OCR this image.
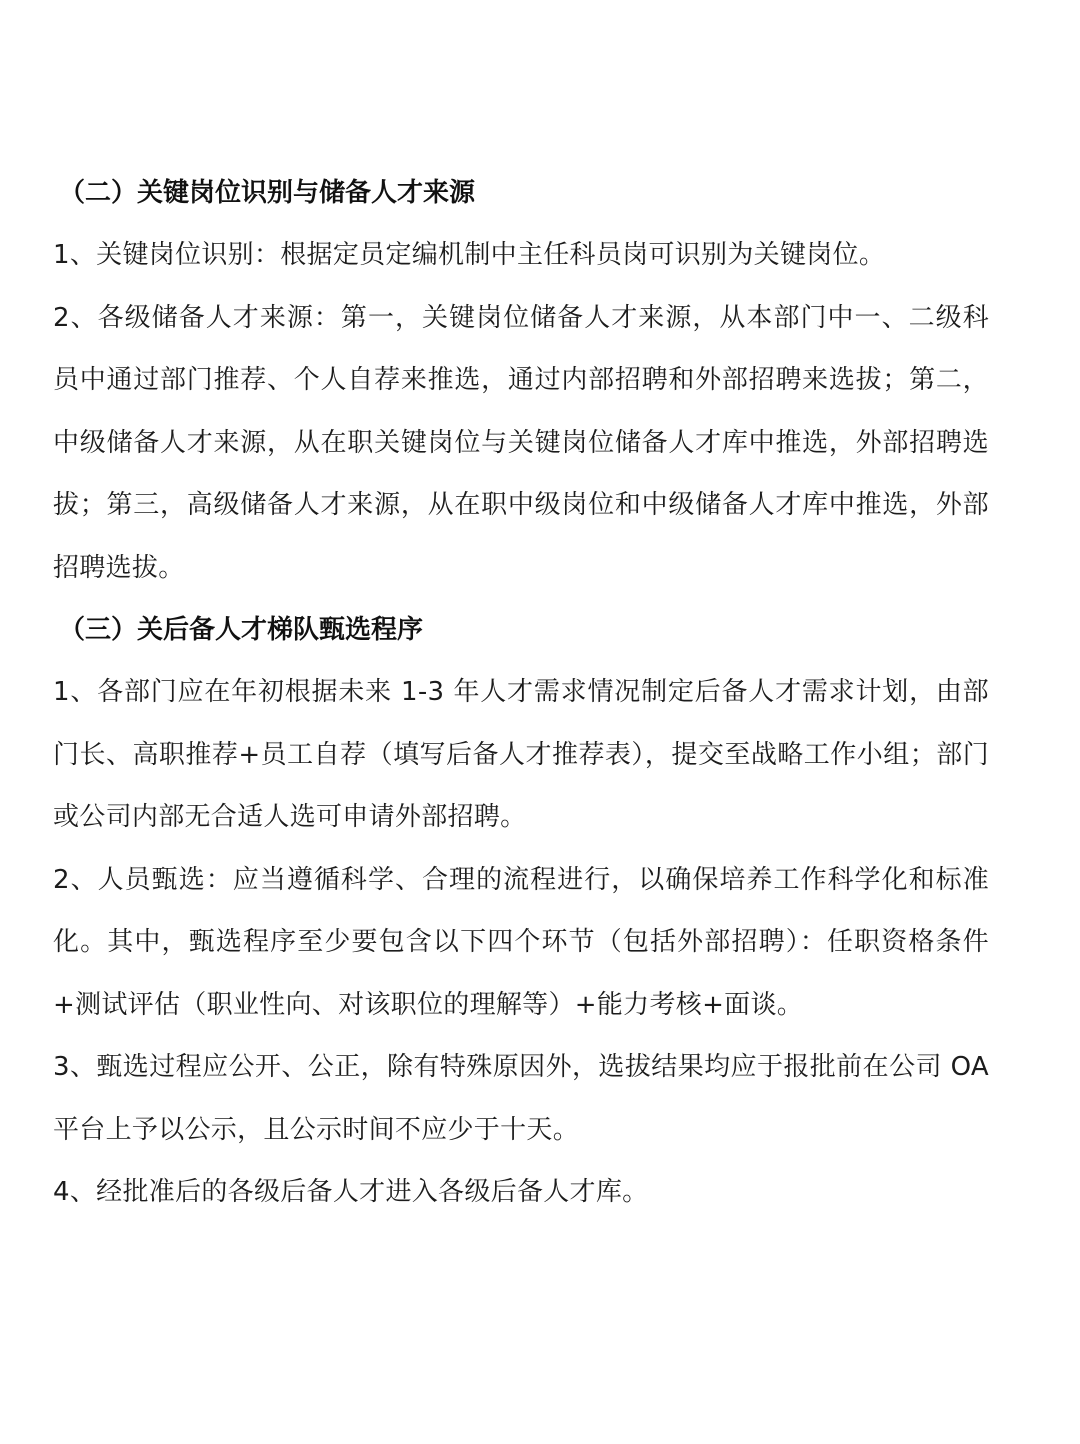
（二）关键岗位识别与储备人才来源

1、关键岗位识别：根据定员定编机制中主任科员岗可识别为关键岗位。

2、各级储备人才来源：第一，关键岗位储备人才来源，从本部门中一、二级科员中通过部门推荐、个人自荐来推选，通过内部招聘和外部招聘来选拔；第二，中级储备人才来源，从在职关键岗位与关键岗位储备人才库中推选，外部招聘选拔；第三，高级储备人才来源，从在职中级岗位和中级储备人才库中推选，外部招聘选拔。

（三）关后备人才梯队甄选程序

1、各部门应在年初根据未来 1-3 年人才需求情况制定后备人才需求计划，由部门长、高职推荐+员工自荐（填写后备人才推荐表），提交至战略工作小组；部门或公司内部无合适人选可申请外部招聘。

2、人员甄选：应当遵循科学、合理的流程进行，以确保培养工作科学化和标准化。其中，甄选程序至少要包含以下四个环节（包括外部招聘）：任职资格条件+测试评估（职业性向、对该职位的理解等）+能力考核+面谈。

3、甄选过程应公开、公正，除有特殊原因外，选拔结果均应于报批前在公司 OA 平台上予以公示，且公示时间不应少于十天。

4、经批准后的各级后备人才进入各级后备人才库。
